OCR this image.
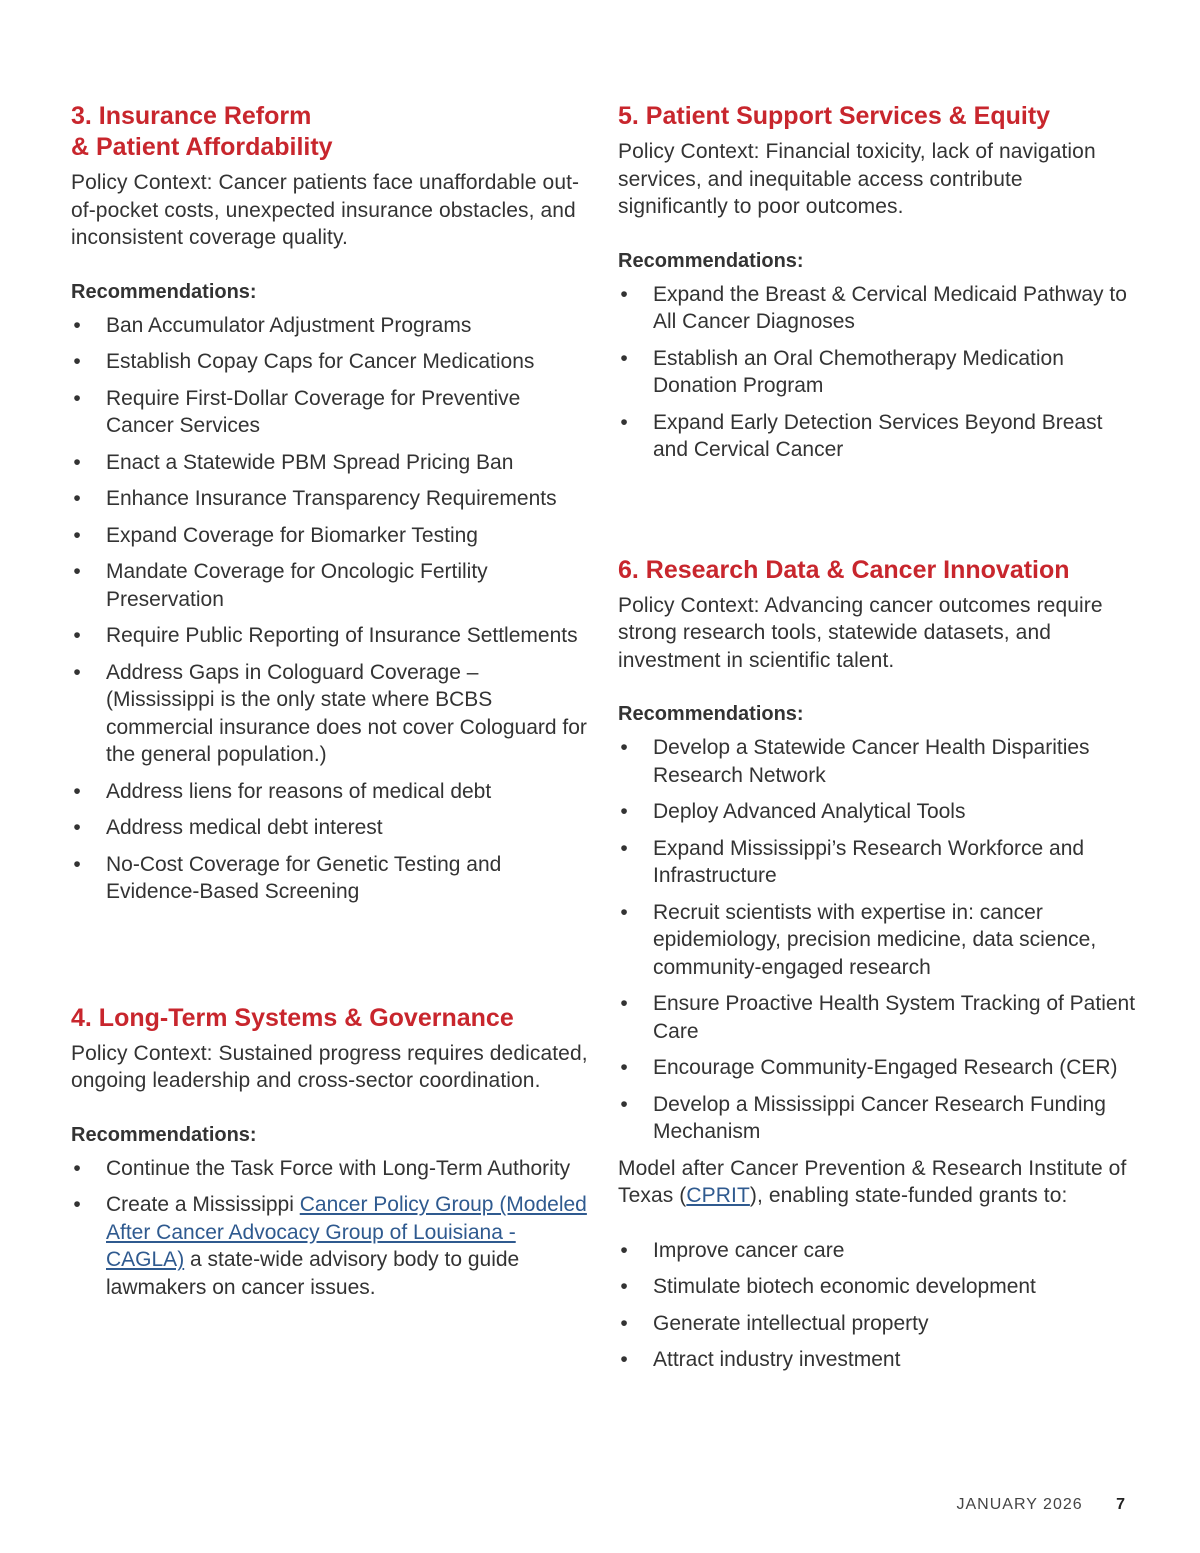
3. Insurance Reform
& Patient Affordability

Policy Context: Cancer patients face unaffordable out-of-pocket costs, unexpected insurance obstacles, and inconsistent coverage quality.

Recommendations:
• Ban Accumulator Adjustment Programs
• Establish Copay Caps for Cancer Medications
• Require First-Dollar Coverage for Preventive Cancer Services
• Enact a Statewide PBM Spread Pricing Ban
• Enhance Insurance Transparency Requirements
• Expand Coverage for Biomarker Testing
• Mandate Coverage for Oncologic Fertility Preservation
• Require Public Reporting of Insurance Settlements
• Address Gaps in Cologuard Coverage – (Mississippi is the only state where BCBS commercial insurance does not cover Cologuard for the general population.)
• Address liens for reasons of medical debt
• Address medical debt interest
• No-Cost Coverage for Genetic Testing and Evidence-Based Screening
4. Long-Term Systems & Governance

Policy Context: Sustained progress requires dedicated, ongoing leadership and cross-sector coordination.

Recommendations:
• Continue the Task Force with Long-Term Authority
• Create a Mississippi Cancer Policy Group (Modeled After Cancer Advocacy Group of Louisiana - CAGLA) a state-wide advisory body to guide lawmakers on cancer issues.
5. Patient Support Services & Equity

Policy Context: Financial toxicity, lack of navigation services, and inequitable access contribute significantly to poor outcomes.

Recommendations:
• Expand the Breast & Cervical Medicaid Pathway to All Cancer Diagnoses
• Establish an Oral Chemotherapy Medication Donation Program
• Expand Early Detection Services Beyond Breast and Cervical Cancer
6. Research Data & Cancer Innovation

Policy Context: Advancing cancer outcomes require strong research tools, statewide datasets, and investment in scientific talent.

Recommendations:
• Develop a Statewide Cancer Health Disparities Research Network
• Deploy Advanced Analytical Tools
• Expand Mississippi’s Research Workforce and Infrastructure
• Recruit scientists with expertise in: cancer epidemiology, precision medicine, data science, community-engaged research
• Ensure Proactive Health System Tracking of Patient Care
• Encourage Community-Engaged Research (CER)
• Develop a Mississippi Cancer Research Funding Mechanism

Model after Cancer Prevention & Research Institute of Texas (CPRIT), enabling state-funded grants to:

• Improve cancer care
• Stimulate biotech economic development
• Generate intellectual property
• Attract industry investment
JANUARY 2026 7
